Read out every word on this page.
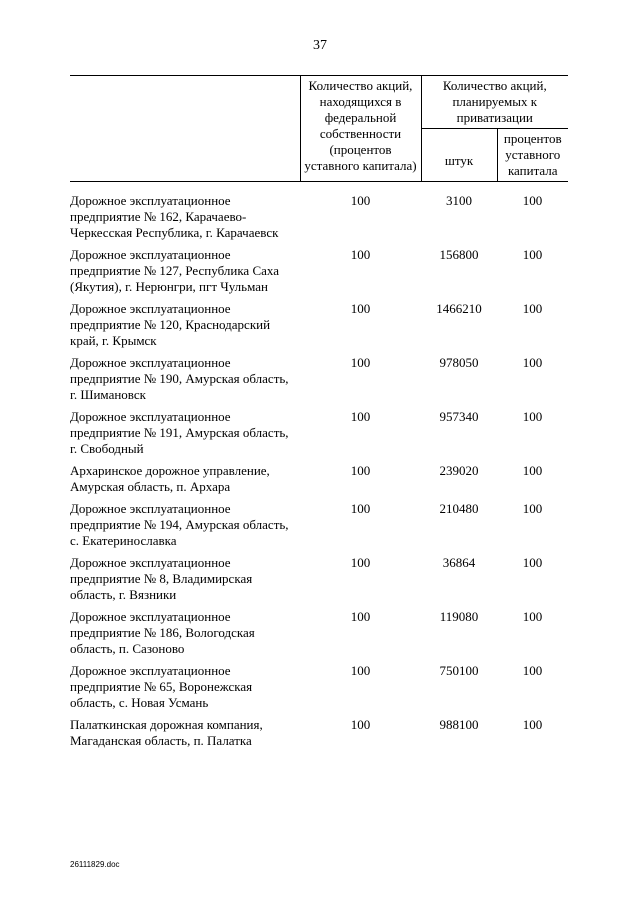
37
	Количество акций, находящихся в федеральной собственности (процентов уставного капитала)	Количество акций, планируемых к приватизации	
		штук	процентов уставного капитала

Дорожное эксплуатационное предприятие № 162, Карачаево-Черкесская Республика, г. Карачаевск	100	3100	100
Дорожное эксплуатационное предприятие № 127, Республика Саха (Якутия), г. Нерюнгри, пгт Чульман	100	156800	100
Дорожное эксплуатационное предприятие № 120, Краснодарский край, г. Крымск	100	1466210	100
Дорожное эксплуатационное предприятие № 190, Амурская область, г. Шимановск	100	978050	100
Дорожное эксплуатационное предприятие № 191, Амурская область, г. Свободный	100	957340	100
Архаринское дорожное управление, Амурская область, п. Архара	100	239020	100
Дорожное эксплуатационное предприятие № 194, Амурская область, с. Екатеринославка	100	210480	100
Дорожное эксплуатационное предприятие № 8, Владимирская область, г. Вязники	100	36864	100
Дорожное эксплуатационное предприятие № 186, Вологодская область, п. Сазоново	100	119080	100
Дорожное эксплуатационное предприятие № 65, Воронежская область, с. Новая Усмань	100	750100	100
Палаткинская дорожная компания, Магаданская область, п. Палатка	100	988100	100
26111829.doc
